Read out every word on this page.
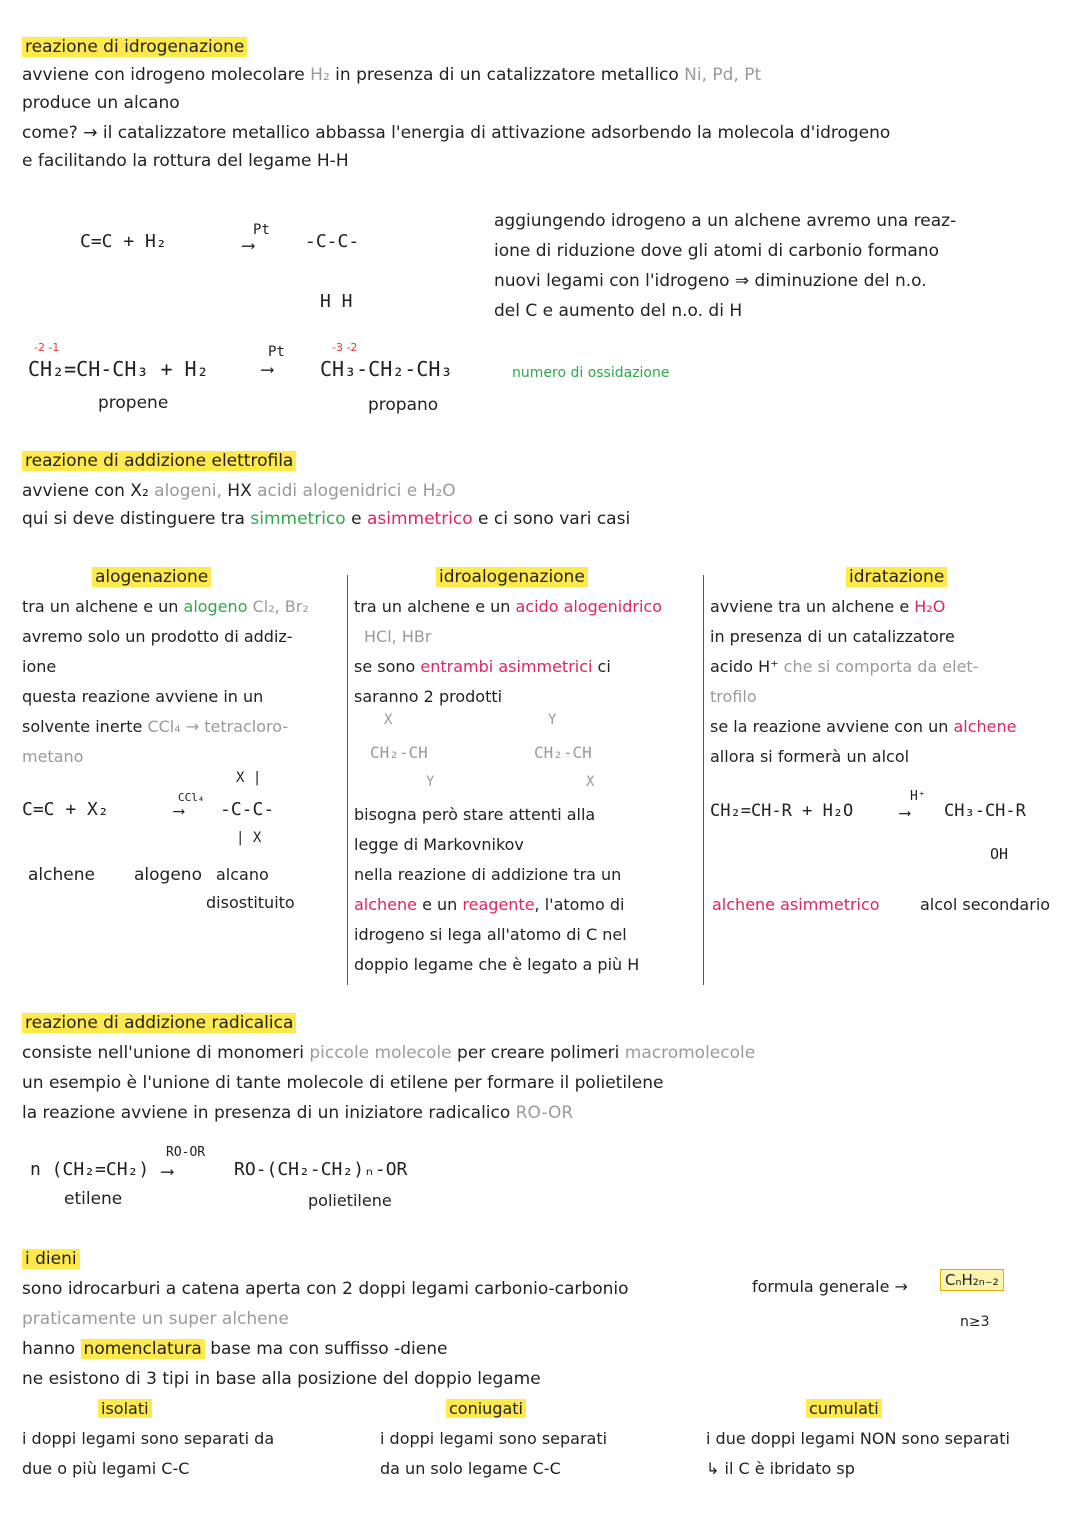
reazione di idrogenazione
avviene con idrogeno molecolare H₂ in presenza di un catalizzatore metallico Ni, Pd, Pt
produce un alcano
come? → il catalizzatore metallico abbassa l'energia di attivazione adsorbendo la molecola d'idrogeno
e facilitando la rottura del legame H-H
C=C + H₂
Pt
⟶	-C-C-
H H
aggiungendo idrogeno a un alchene avremo una reaz-
ione di riduzione dove gli atomi di carbonio formano
nuovi legami con l'idrogeno ⇒ diminuzione del n.o.
del C e aumento del n.o. di H
-2 -1
CH₂=CH-CH₃ + H₂
Pt
⟶
-3 -2
CH₃-CH₂-CH₃	numero di ossidazione
propene	propano
reazione di addizione elettrofila
avviene con X₂ alogeni, HX acidi alogenidrici e H₂O
qui si deve distinguere tra simmetrico e asimmetrico e ci sono vari casi
alogenazione
tra un alchene e un alogeno Cl₂, Br₂
avremo solo un prodotto di addiz-
ione
questa reazione avviene in un
solvente inerte CCl₄ → tetracloro-
metano
X |
C=C + X₂
CCl₄
⟶ -C-C-
| X
alchene alogeno alcano
disostituito
idroalogenazione
tra un alchene e un acido alogenidrico
HCl, HBr
se sono entrambi asimmetrici ci
saranno 2 prodotti
X
CH₂-CH
Y
Y
CH₂-CH
X
bisogna però stare attenti alla
legge di Markovnikov
nella reazione di addizione tra un
alchene e un reagente, l'atomo di
idrogeno si lega all'atomo di C nel
doppio legame che è legato a più H
idratazione
avviene tra un alchene e H₂O
in presenza di un catalizzatore
acido H⁺ che si comporta da elet-
trofilo
se la reazione avviene con un alchene
allora si formerà un alcol
CH₂=CH-R + H₂O
H⁺
⟶ CH₃-CH-R
OH
alchene asimmetrico	alcol secondario
reazione di addizione radicalica
consiste nell'unione di monomeri piccole molecole per creare polimeri macromolecole
un esempio è l'unione di tante molecole di etilene per formare il polietilene
la reazione avviene in presenza di un iniziatore radicalico RO-OR
n (CH₂=CH₂)
RO-OR
⟶	RO-(CH₂-CH₂)ₙ-OR
etilene	polietilene
i dieni
sono idrocarburi a catena aperta con 2 doppi legami carbonio-carbonio	formula generale →	CₙH₂ₙ₋₂
n≥3
praticamente un super alchene
hanno nomenclatura base ma con suffisso -diene
ne esistono di 3 tipi in base alla posizione del doppio legame
isolati
i doppi legami sono separati da
due o più legami C-C
coniugati
i doppi legami sono separati
da un solo legame C-C
cumulati
i due doppi legami NON sono separati
↳ il C è ibridato sp
